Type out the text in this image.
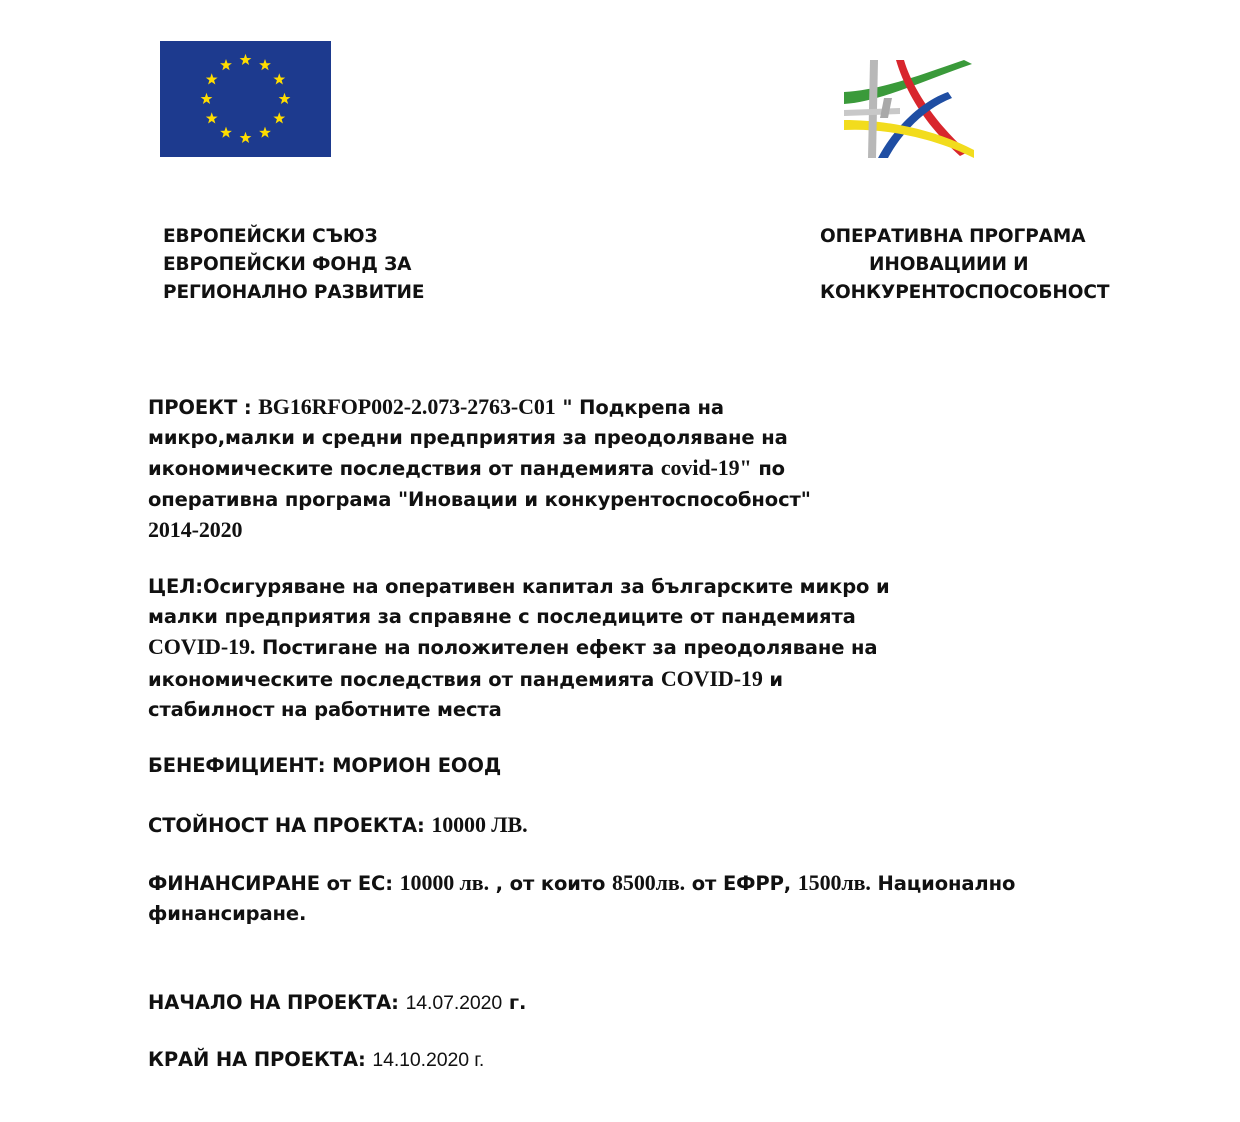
ЕВРОПЕЙСКИ СЪЮЗ
ЕВРОПЕЙСКИ ФОНД ЗА
РЕГИОНАЛНО РАЗВИТИЕ
ОПЕРАТИВНА ПРОГРАМА
ИНОВАЦИИИ И
КОНКУРЕНТОСПОСОБНОСТ
ПРОЕКТ : BG16RFOP002-2.073-2763-C01 " Подкрепа на
микро,малки и средни предприятия за преодоляване на
икономическите последствия от пандемията covid-19" по
оперативна програма "Иновации и конкурентоспособност"
2014-2020
ЦЕЛ:Осигуряване на оперативен капитал за българските микро и
малки предприятия за справяне с последиците от пандемията
COVID-19. Постигане на положителен ефект за преодоляване на
икономическите последствия от пандемията COVID-19 и
стабилност на работните места
БЕНЕФИЦИЕНТ: МОРИОН ЕООД
СТОЙНОСТ НА ПРОЕКТА: 10000 ЛВ.
ФИНАНСИРАНЕ от ЕС: 10000 лв. , от които 8500лв. от ЕФРР, 1500лв. Национално
финансиране.
НАЧАЛО НА ПРОЕКТА: 14.07.2020 г.
КРАЙ НА ПРОЕКТА: 14.10.2020 г.
